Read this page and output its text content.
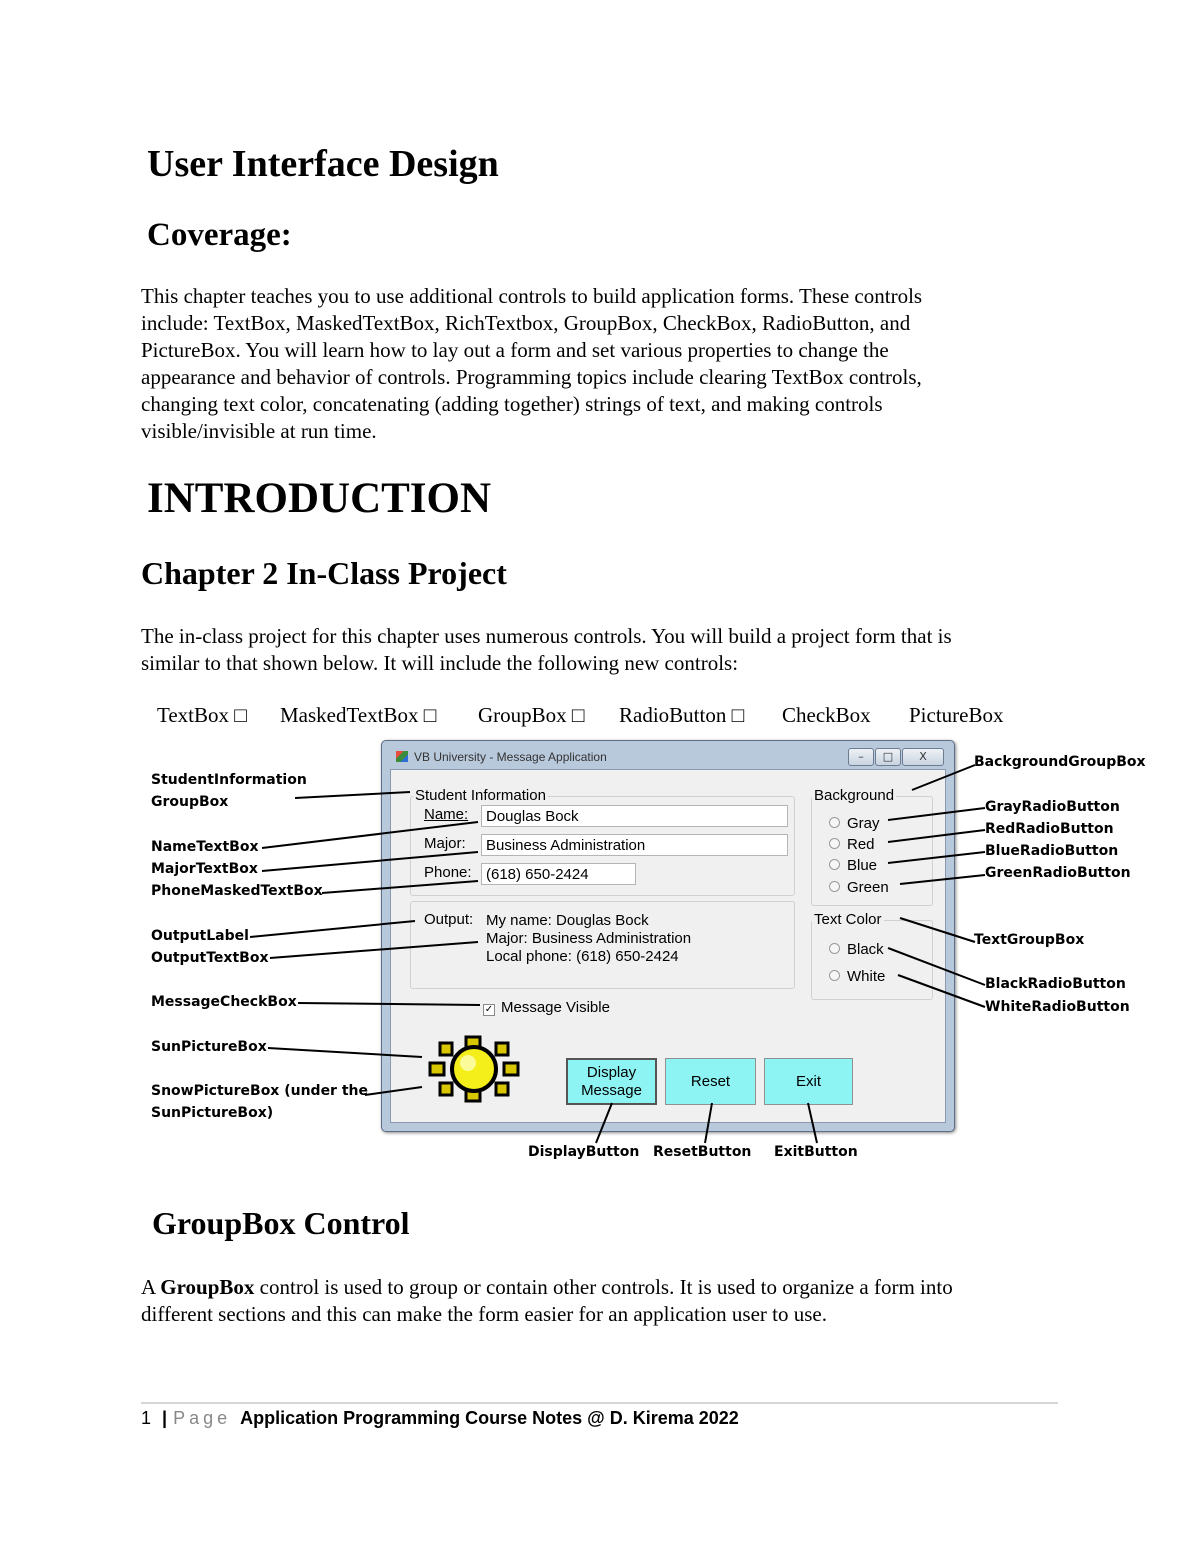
User Interface Design
Coverage:
This chapter teaches you to use additional controls to build application forms. These controls
include: TextBox, MaskedTextBox, RichTextbox, GroupBox, CheckBox, RadioButton, and
PictureBox. You will learn how to lay out a form and set various properties to change the
appearance and behavior of controls. Programming topics include clearing TextBox controls,
changing text color, concatenating (adding together) strings of text, and making controls
visible/invisible at run time.
INTRODUCTION
Chapter 2 In-Class Project
The in-class project for this chapter uses numerous controls. You will build a project form that is
similar to that shown below. It will include the following new controls:
TextBox □ MaskedTextBox □ GroupBox □ RadioButton □ CheckBox PictureBox
VB University - Message Application	–	□	X
Student Information
Name:	Douglas Bock
Major:	Business Administration
Phone: (618) 650-2424
Output: My name: Douglas Bock
Major: Business Administration
Local phone: (618) 650-2424
Background
Gray
Red
Blue
Green
Text Color
Black
White
✓ Message Visible
Display
Message
Reset	Exit
StudentInformation
GroupBox
NameTextBox
MajorTextBox
PhoneMaskedTextBox
OutputLabel
OutputTextBox
MessageCheckBox
SunPictureBox
SnowPictureBox (under the
SunPictureBox)
BackgroundGroupBox
GrayRadioButton
RedRadioButton
BlueRadioButton
GreenRadioButton
TextGroupBox
BlackRadioButton
WhiteRadioButton
DisplayButton ResetButton ExitButton
GroupBox Control
A GroupBox control is used to group or contain other controls. It is used to organize a form into
different sections and this can make the form easier for an application user to use.
1 | Page Application Programming Course Notes @ D. Kirema 2022
